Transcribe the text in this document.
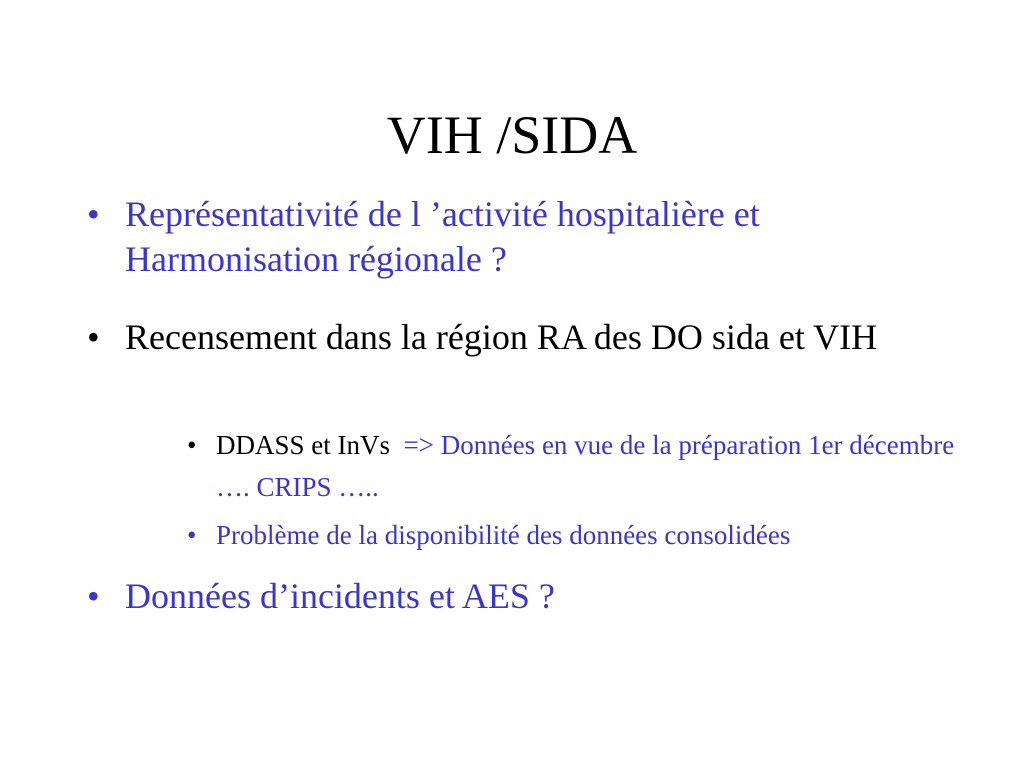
VIH /SIDA
• Représentativité de l ’activité hospitalière et Harmonisation régionale ?
• Recensement dans la région RA des DO sida et VIH
• DDASS et InVs  => Données en vue de la préparation 1er décembre …. CRIPS …..
• Problème de la disponibilité des données consolidées
• Données d’incidents et AES ?
